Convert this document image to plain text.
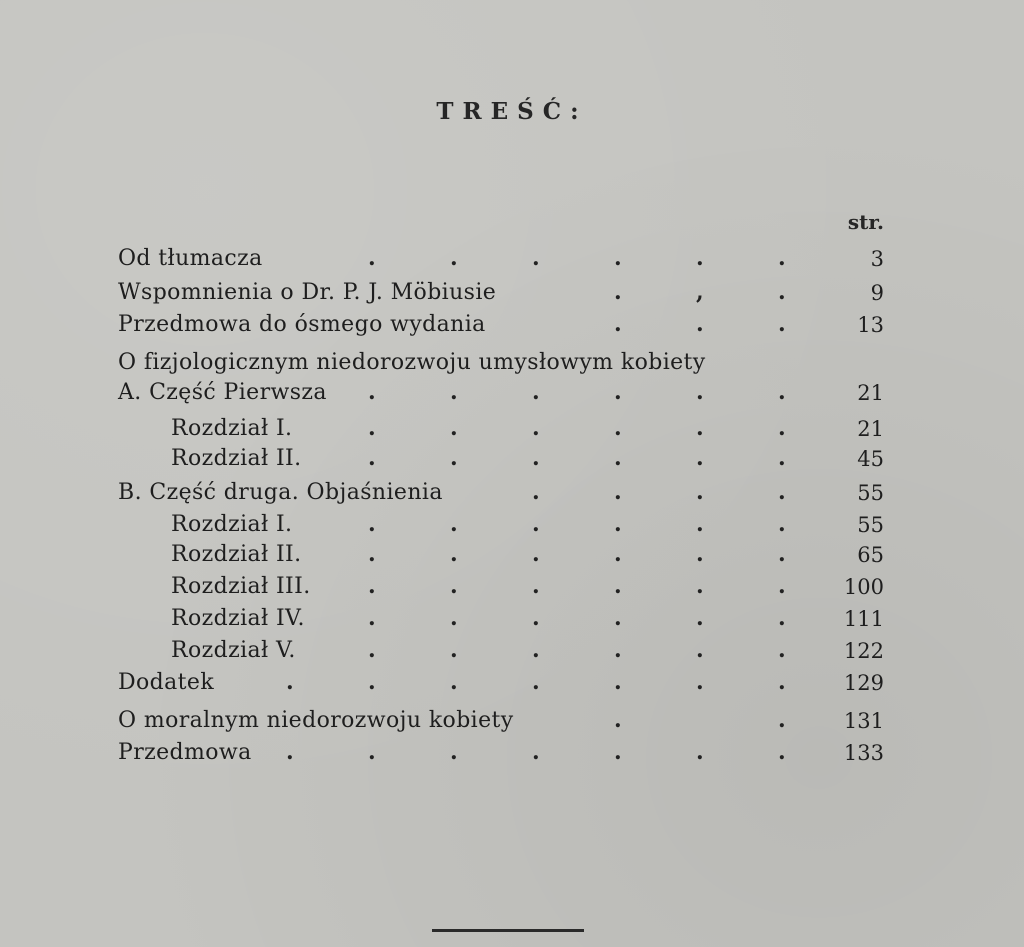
TREŚĆ:
str.
Od tłumacza	.	.	.	.	.	.	3
Wspomnienia o Dr. P. J. Möbiusie	.	,	.	9
Przedmowa do ósmego wydania	.	.	.	13
O fizjologicznym niedorozwoju umysłowym kobiety
A. Część Pierwsza .	.	.	.	.	.	21
Rozdział I.	.	.	.	.	.	.	21
Rozdział II.	.	.	.	.	.	.	45
B. Część druga. Objaśnienia	.	.	.	.	55
Rozdział I.	.	.	.	.	.	.	55
Rozdział II.	.	.	.	.	.	.	65
Rozdział III.	.	.	.	.	.	.	100
Rozdział IV.	.	.	.	.	.	.	111
Rozdział V.	.	.	.	.	.	.	122
Dodatek	.	.	.	.	.	.	.	129
O moralnym niedorozwoju kobiety	.	.	131
Przedmowa .	.	.	.	.	.	.	133
